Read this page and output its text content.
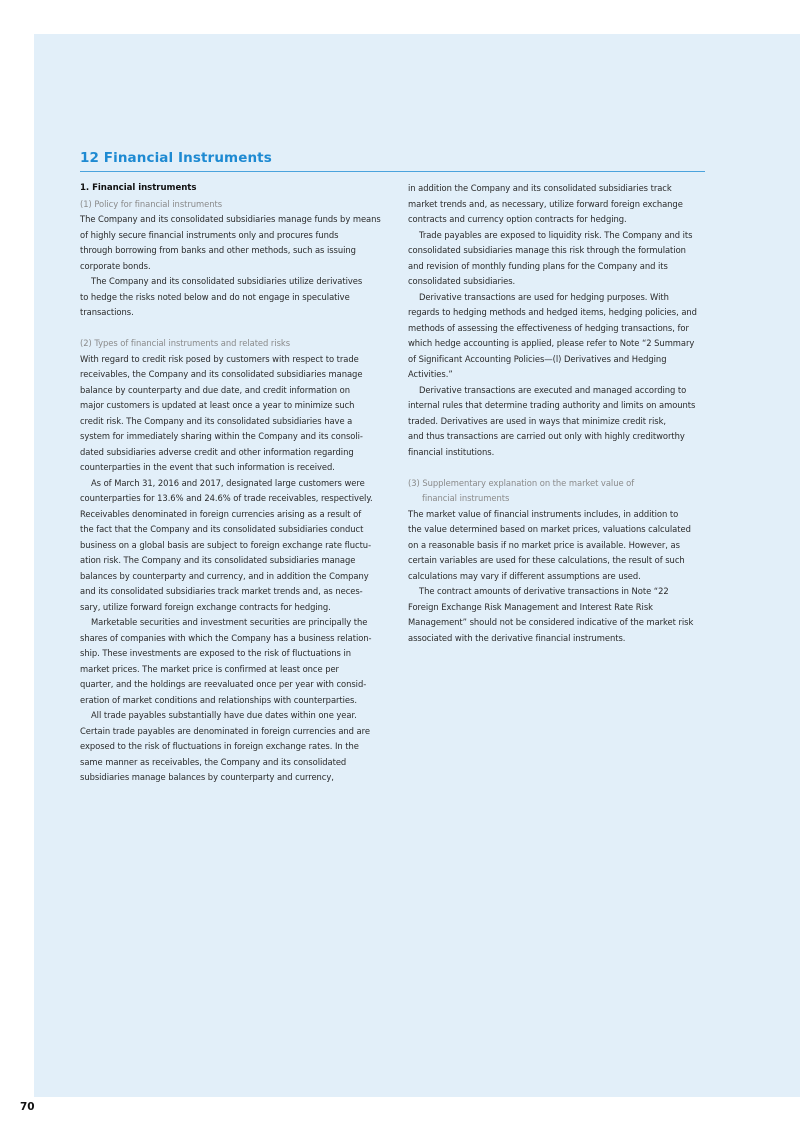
12 Financial Instruments
1. Financial instruments
(1) Policy for financial instruments
The Company and its consolidated subsidiaries manage funds by means
of highly secure financial instruments only and procures funds
through borrowing from banks and other methods, such as issuing
corporate bonds.
The Company and its consolidated subsidiaries utilize derivatives
to hedge the risks noted below and do not engage in speculative
transactions.
(2) Types of financial instruments and related risks
With regard to credit risk posed by customers with respect to trade
receivables, the Company and its consolidated subsidiaries manage
balance by counterparty and due date, and credit information on
major customers is updated at least once a year to minimize such
credit risk. The Company and its consolidated subsidiaries have a
system for immediately sharing within the Company and its consoli-
dated subsidiaries adverse credit and other information regarding
counterparties in the event that such information is received.
As of March 31, 2016 and 2017, designated large customers were
counterparties for 13.6% and 24.6% of trade receivables, respectively.
Receivables denominated in foreign currencies arising as a result of
the fact that the Company and its consolidated subsidiaries conduct
business on a global basis are subject to foreign exchange rate fluctu-
ation risk. The Company and its consolidated subsidiaries manage
balances by counterparty and currency, and in addition the Company
and its consolidated subsidiaries track market trends and, as neces-
sary, utilize forward foreign exchange contracts for hedging.
Marketable securities and investment securities are principally the
shares of companies with which the Company has a business relation-
ship. These investments are exposed to the risk of fluctuations in
market prices. The market price is confirmed at least once per
quarter, and the holdings are reevaluated once per year with consid-
eration of market conditions and relationships with counterparties.
All trade payables substantially have due dates within one year.
Certain trade payables are denominated in foreign currencies and are
exposed to the risk of fluctuations in foreign exchange rates. In the
same manner as receivables, the Company and its consolidated
subsidiaries manage balances by counterparty and currency,
in addition the Company and its consolidated subsidiaries track
market trends and, as necessary, utilize forward foreign exchange
contracts and currency option contracts for hedging.
Trade payables are exposed to liquidity risk. The Company and its
consolidated subsidiaries manage this risk through the formulation
and revision of monthly funding plans for the Company and its
consolidated subsidiaries.
Derivative transactions are used for hedging purposes. With
regards to hedging methods and hedged items, hedging policies, and
methods of assessing the effectiveness of hedging transactions, for
which hedge accounting is applied, please refer to Note “2 Summary
of Significant Accounting Policies—(l) Derivatives and Hedging
Activities.”
Derivative transactions are executed and managed according to
internal rules that determine trading authority and limits on amounts
traded. Derivatives are used in ways that minimize credit risk,
and thus transactions are carried out only with highly creditworthy
financial institutions.
(3) Supplementary explanation on the market value of
financial instruments
The market value of financial instruments includes, in addition to
the value determined based on market prices, valuations calculated
on a reasonable basis if no market price is available. However, as
certain variables are used for these calculations, the result of such
calculations may vary if different assumptions are used.
The contract amounts of derivative transactions in Note “22
Foreign Exchange Risk Management and Interest Rate Risk
Management” should not be considered indicative of the market risk
associated with the derivative financial instruments.
70
